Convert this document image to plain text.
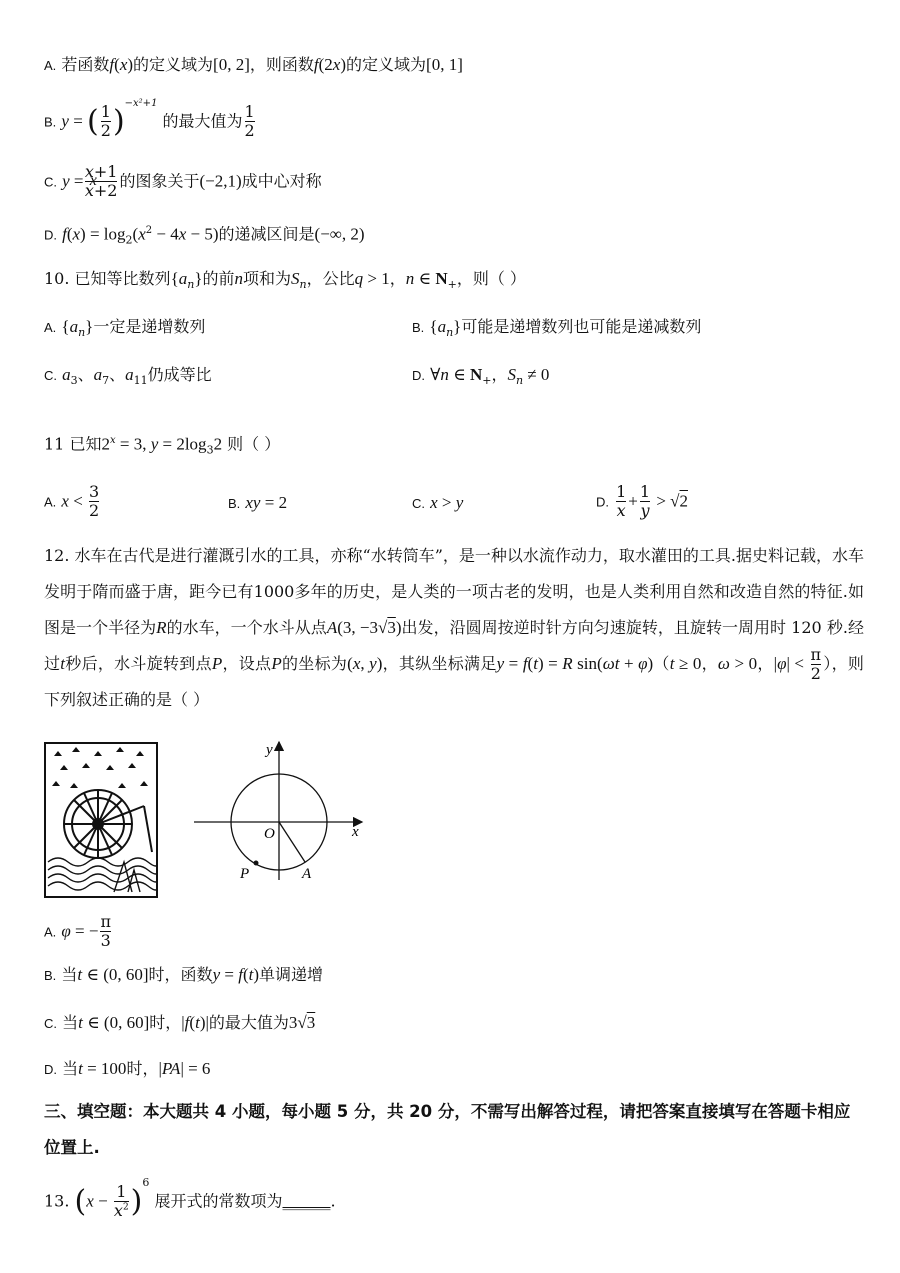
A. 若函数f(x)的定义域为[0, 2]，则函数f(2x)的定义域为[0, 1]
B. y = ( $\frac{1}{2} )^{-x^2+1}$ 的最大值为 $\frac{1}{2}$
C. y = x
$\frac{x+1}{x+2}$ 的图象关于(−2,1)成中心对称
D. $f(x) = \log_2(x^2 - 4x - 5)$的递减区间是(−∞, 2)
10. 已知等比数列$\{a_n\}$的前n项和为$S_n$，公比q > 1，n ∈ $N_+$，则（ ）
A. $\{a_n\}$一定是递增数列	B. $\{a_n\}$可能是递增数列也可能是递减数列
C. $a_3$、$a_7$、$a_{11}$仍成等比	D. ∀n ∈ $N_+$，$S_n \ne 0$
11 已知$2^x = 3$, $y = 2\log_32$ 则（ ）
A. $x < \frac{3}{2}$	B. xy = 2	C. x > y	D. $\frac{1}{x} + \frac{1}{y} > √2$
12. 水车在古代是进行灌溉引水的工具，亦称“水转筒车”，是一种以水流作动力，取水灌田的工具.据史料记载，水车发明于隋而盛于唐，距今已有1000多年的历史，是人类的一项古老的发明，也是人类利用自然和改造自然的特征.如图是一个半径为R的水车，一个水斗从点A(3, −3√3)出发，沿圆周按逆时针方向匀速旋转，且旋转一周用时 120 秒.经过t秒后，水斗旋转到点P，设点P的坐标为(x, y)，其纵坐标满足y = f(t) = R sin(ωt + φ)（t ≥ 0，ω > 0，$|\varphi| < \frac{\pi}{2}$ ），则下列叙述正确的是（ ）
y
x
O
A
P
A. φ = − $\frac{\pi}{3}$
B. 当t ∈ (0, 60]时，函数y = f(t)单调递增
C. 当t ∈ (0, 60]时，|f(t)|的最大值为3√3
D. 当t = 100时，|PA| = 6
三、填空题：本大题共 4 小题，每小题 5 分，共 20 分，不需写出解答过程，请把答案直接填写在答题卡相应位置上.
13. $(x - \frac{1}{x^2} )^6$ 展开式的常数项为______.
